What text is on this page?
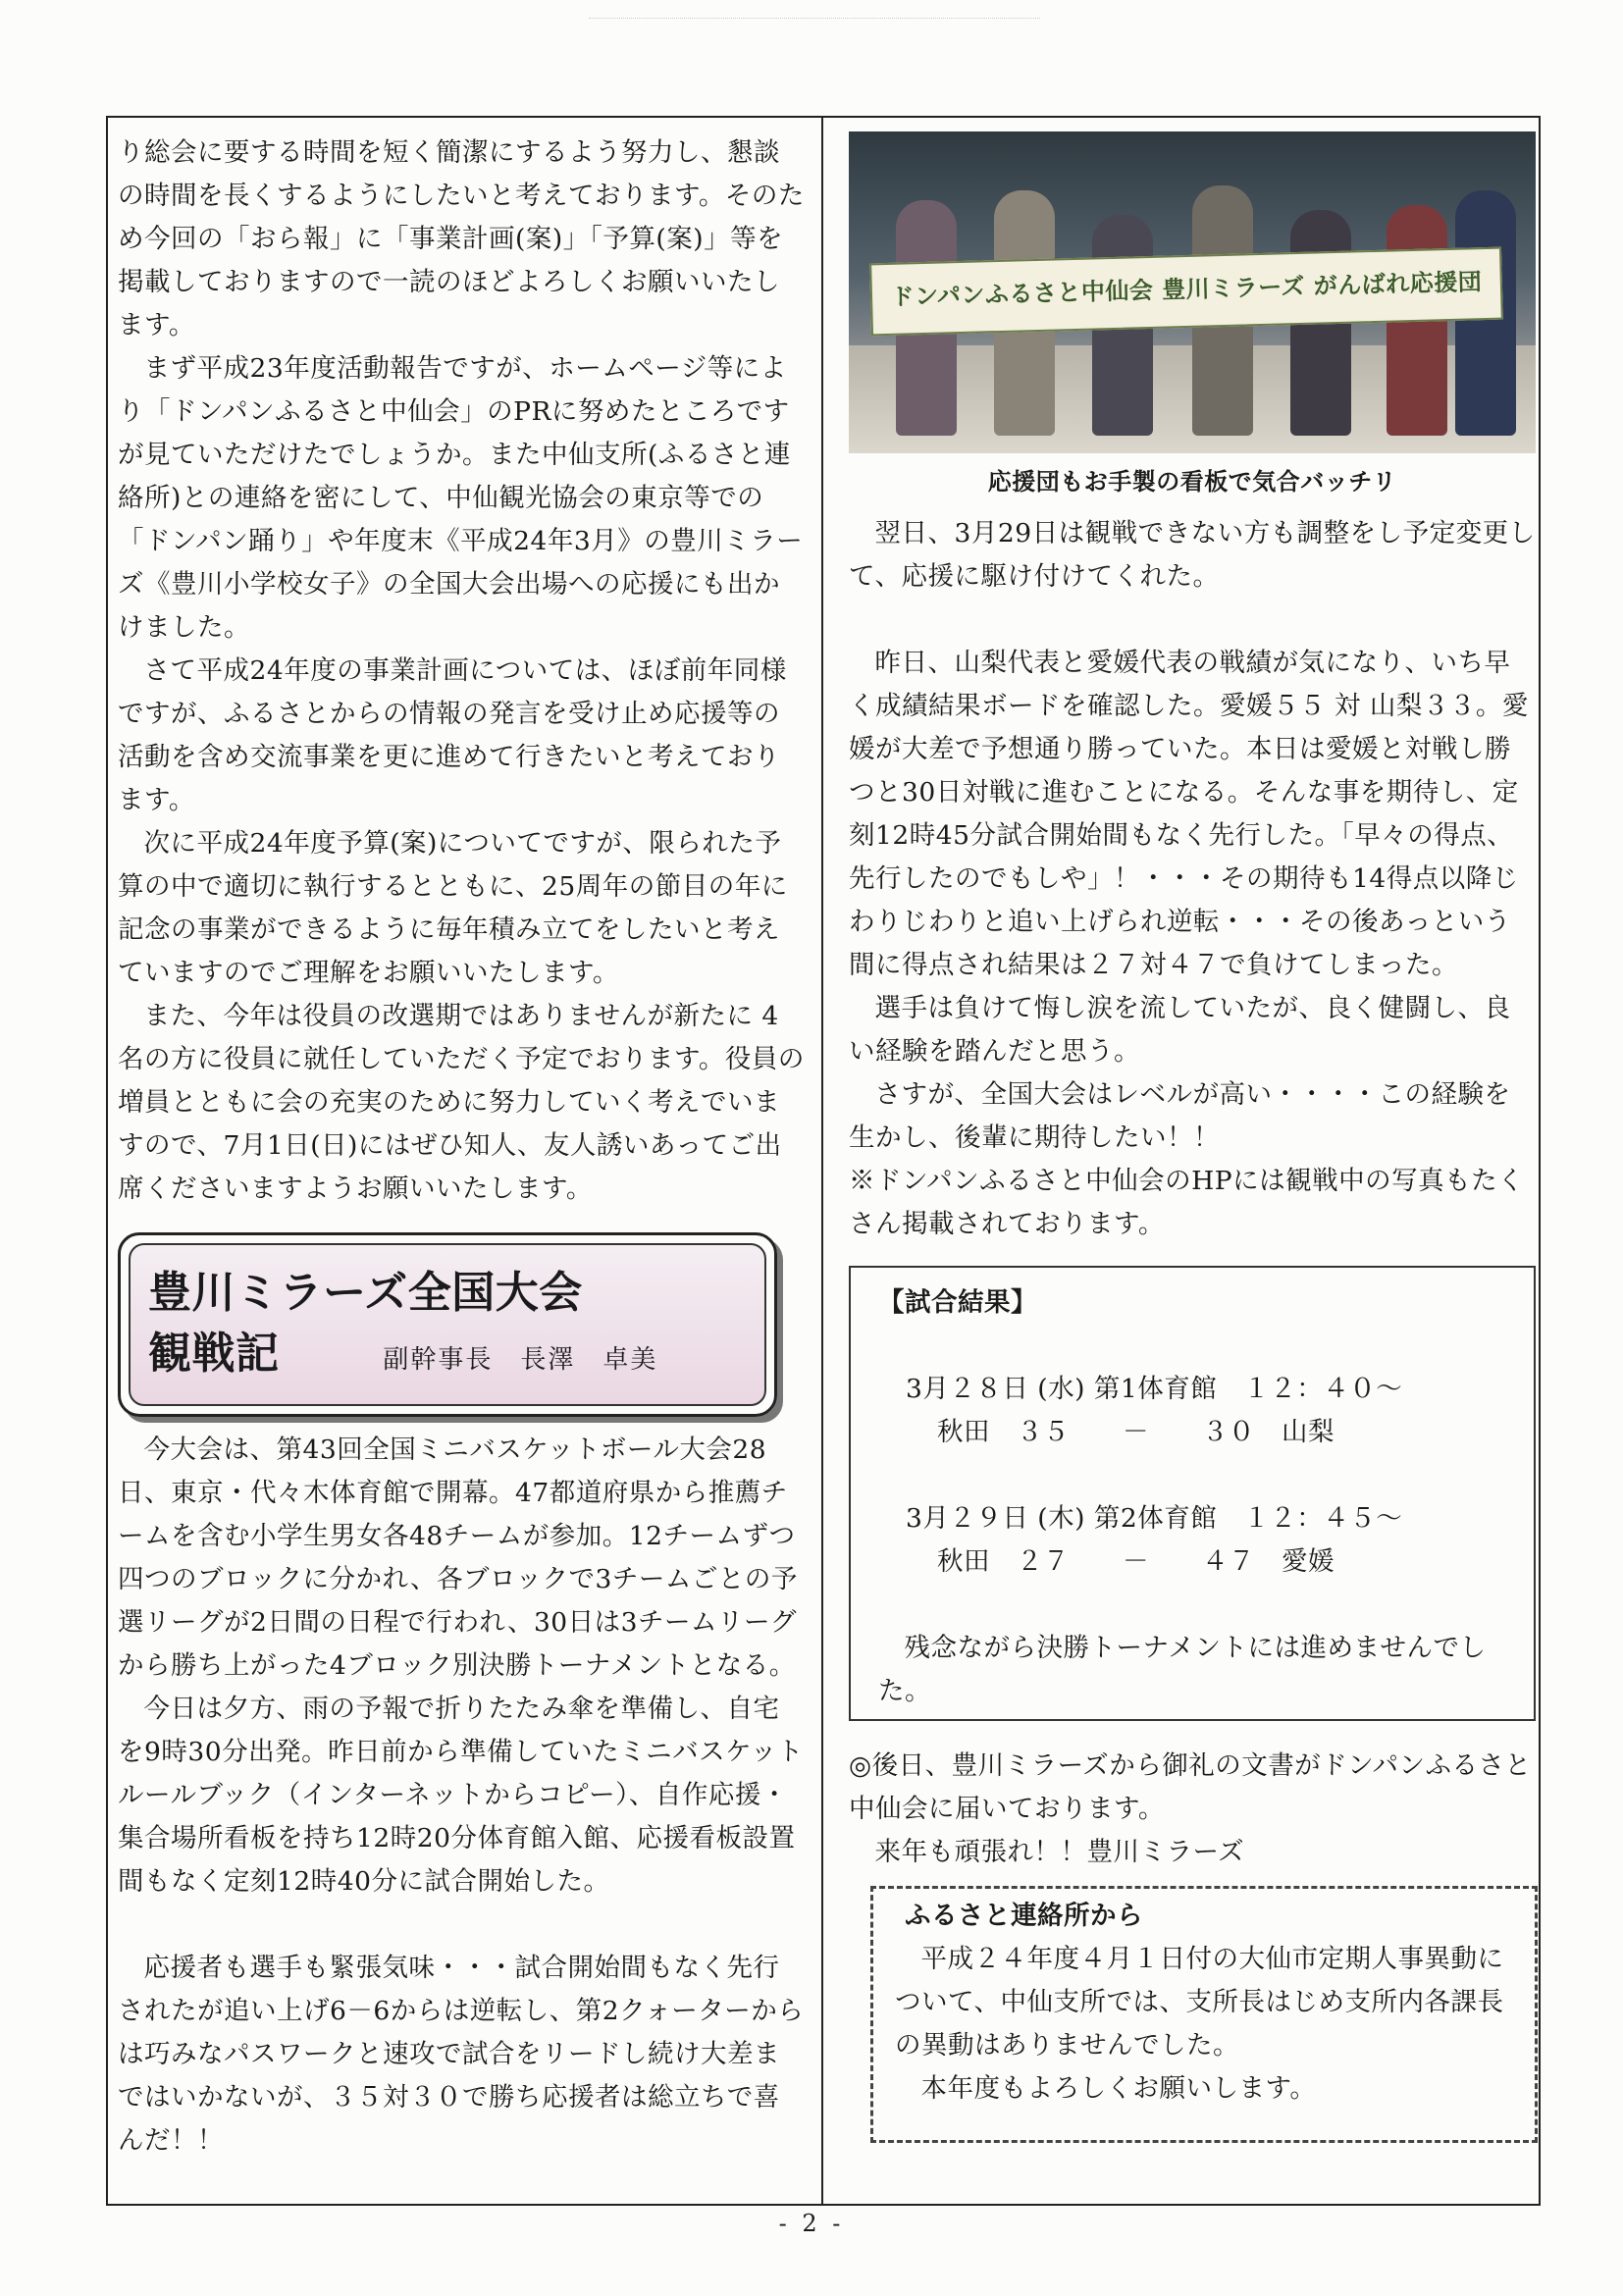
り総会に要する時間を短く簡潔にするよう努力し、懇談の時間を長くするようにしたいと考えております。そのため今回の「おら報」に「事業計画(案)」「予算(案)」等を掲載しておりますので一読のほどよろしくお願いいたします。

まず平成23年度活動報告ですが、ホームページ等により「ドンパンふるさと中仙会」のPRに努めたところですが見ていただけたでしょうか。また中仙支所(ふるさと連絡所)との連絡を密にして、中仙観光協会の東京等での「ドンパン踊り」や年度末《平成24年3月》の豊川ミラーズ《豊川小学校女子》の全国大会出場への応援にも出かけました。

さて平成24年度の事業計画については、ほぼ前年同様ですが、ふるさとからの情報の発言を受け止め応援等の活動を含め交流事業を更に進めて行きたいと考えております。

次に平成24年度予算(案)についてですが、限られた予算の中で適切に執行するとともに、25周年の節目の年に記念の事業ができるように毎年積み立てをしたいと考えていますのでご理解をお願いいたします。

また、今年は役員の改選期ではありませんが新たに 4名の方に役員に就任していただく予定でおります。役員の増員とともに会の充実のために努力していく考えでいますので、7月1日(日)にはぜひ知人、友人誘いあってご出席くださいますようお願いいたします。

豊川ミラーズ全国大会
観戦記	副幹事長　長澤　卓美

今大会は、第43回全国ミニバスケットボール大会28日、東京・代々木体育館で開幕。47都道府県から推薦チームを含む小学生男女各48チームが参加。12チームずつ四つのブロックに分かれ、各ブロックで3チームごとの予選リーグが2日間の日程で行われ、30日は3チームリーグから勝ち上がった4ブロック別決勝トーナメントとなる。

今日は夕方、雨の予報で折りたたみ傘を準備し、自宅を9時30分出発。昨日前から準備していたミニバスケットルールブック（インターネットからコピー）、自作応援・集合場所看板を持ち12時20分体育館入館、応援看板設置間もなく定刻12時40分に試合開始した。

応援者も選手も緊張気味・・・試合開始間もなく先行されたが追い上げ6－6からは逆転し、第2クォーターからは巧みなパスワークと速攻で試合をリードし続け大差まではいかないが、３５対３０で勝ち応援者は総立ちで喜んだ！！

ドンパンふるさと中仙会 豊川ミラーズ がんばれ応援団
応援団もお手製の看板で気合バッチリ

翌日、3月29日は観戦できない方も調整をし予定変更して、応援に駆け付けてくれた。

昨日、山梨代表と愛媛代表の戦績が気になり、いち早く成績結果ボードを確認した。愛媛５５ 対 山梨３３。愛媛が大差で予想通り勝っていた。本日は愛媛と対戦し勝つと30日対戦に進むことになる。そんな事を期待し、定刻12時45分試合開始間もなく先行した。「早々の得点、先行したのでもしや」！・・・その期待も14得点以降じわりじわりと追い上げられ逆転・・・その後あっという間に得点され結果は２７対４７で負けてしまった。

選手は負けて悔し涙を流していたが、良く健闘し、良い経験を踏んだと思う。

さすが、全国大会はレベルが高い・・・・この経験を生かし、後輩に期待したい！！

※ドンパンふるさと中仙会のHPには観戦中の写真もたくさん掲載されております。

【試合結果】
3月２８日 (水) 第1体育館　１２：４０～
秋田　３５　　－　　３０　山梨
3月２９日 (木) 第2体育館　１２：４５～
秋田　２７　　－　　４７　愛媛
残念ながら決勝トーナメントには進めませんでした。

◎後日、豊川ミラーズから御礼の文書がドンパンふるさと中仙会に届いております。

来年も頑張れ！！豊川ミラーズ

ふるさと連絡所から
平成２４年度４月１日付の大仙市定期人事異動について、中仙支所では、支所長はじめ支所内各課長の異動はありませんでした。
本年度もよろしくお願いします。
- 2 -
